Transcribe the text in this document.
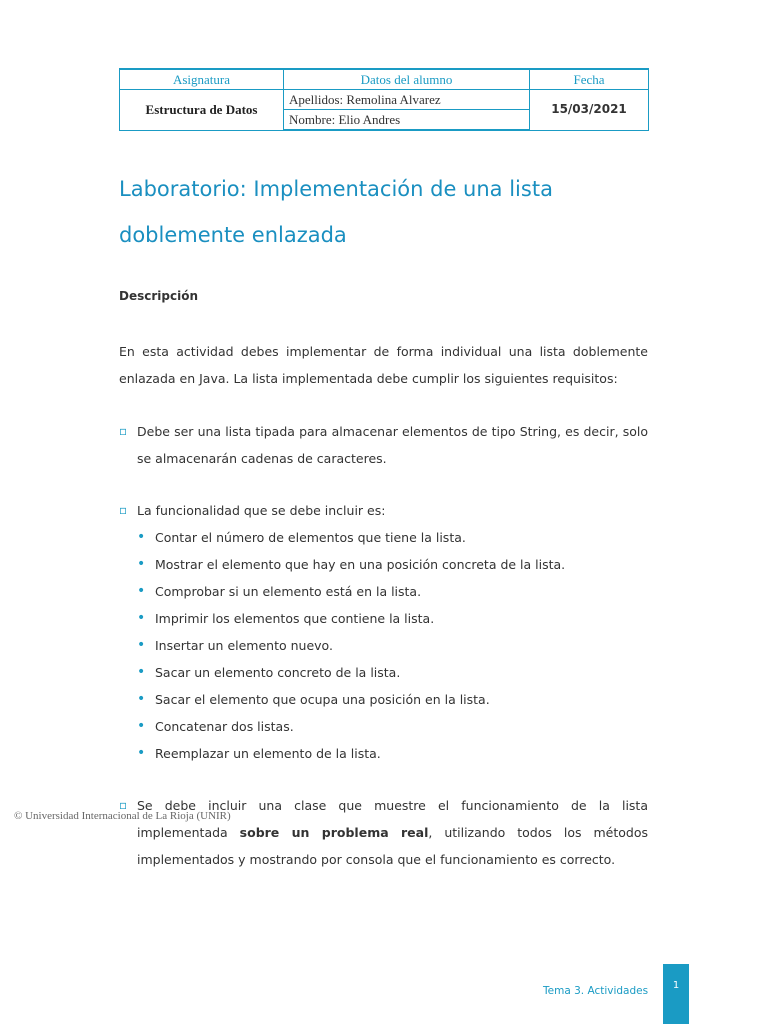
Asignatura	Datos del alumno	Fecha
Estructura de Datos	Apellidos: Remolina Alvarez	15/03/2021
	Nombre: Elio Andres	
Laboratorio: Implementación de una lista
doblemente enlazada
Descripción
En esta actividad debes implementar de forma individual una lista doblemente enlazada en Java. La lista implementada debe cumplir los siguientes requisitos:
▫ Debe ser una lista tipada para almacenar elementos de tipo String, es decir, solo se almacenarán cadenas de caracteres.
▫ La funcionalidad que se debe incluir es:
• Contar el número de elementos que tiene la lista.
• Mostrar el elemento que hay en una posición concreta de la lista.
• Comprobar si un elemento está en la lista.
• Imprimir los elementos que contiene la lista.
• Insertar un elemento nuevo.
• Sacar un elemento concreto de la lista.
• Sacar el elemento que ocupa una posición en la lista.
• Concatenar dos listas.
• Reemplazar un elemento de la lista.
▫ Se debe incluir una clase que muestre el funcionamiento de la lista implementada sobre un problema real, utilizando todos los métodos implementados y mostrando por consola que el funcionamiento es correcto.
© Universidad Internacional de La Rioja (UNIR)
Tema 3. Actividades	1
